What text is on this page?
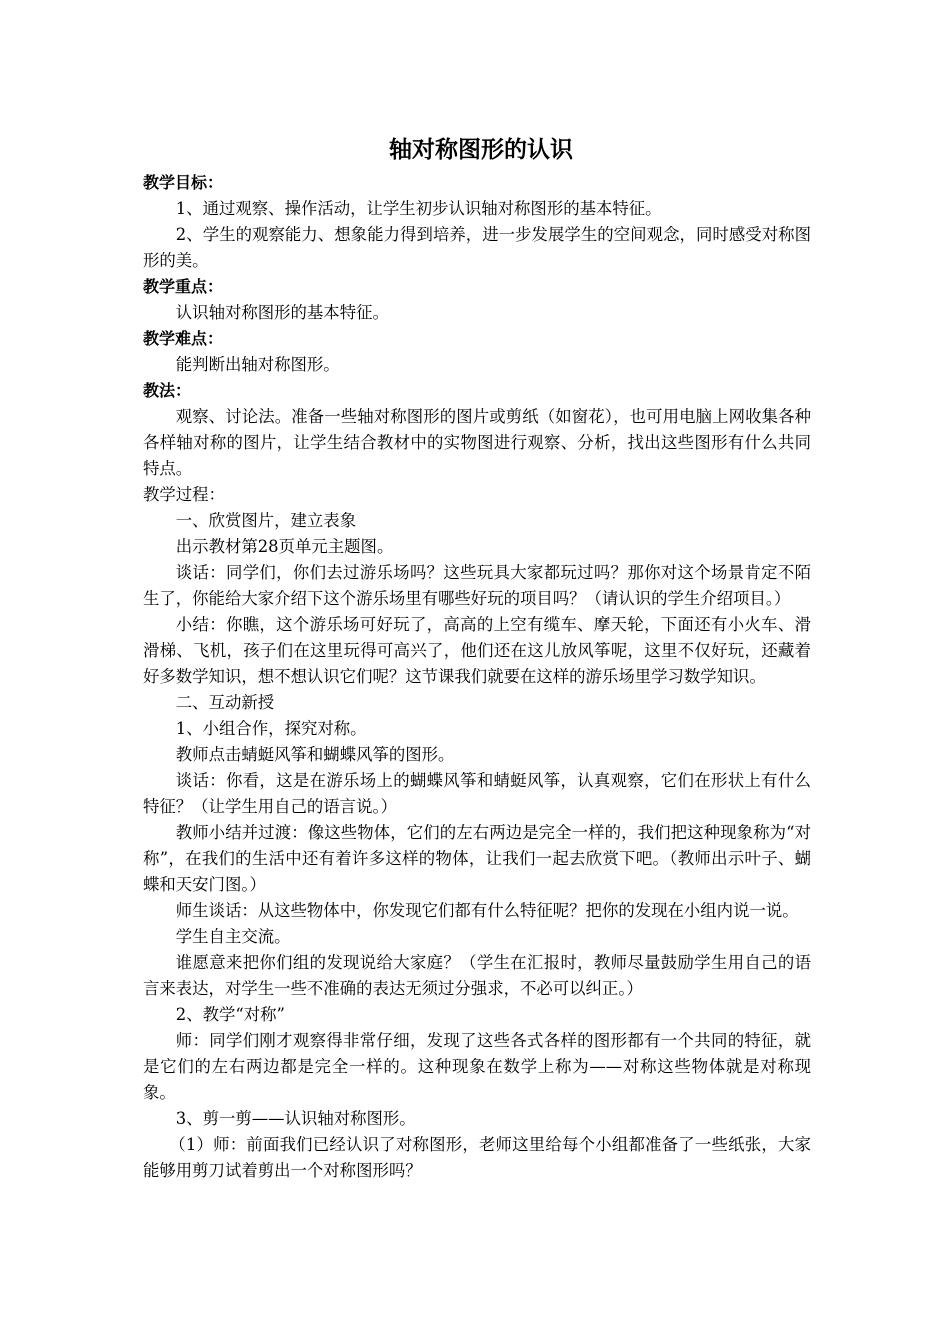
轴对称图形的认识

教学目标：

1、通过观察、操作活动，让学生初步认识轴对称图形的基本特征。

2、学生的观察能力、想象能力得到培养，进一步发展学生的空间观念，同时感受对称图形的美。

教学重点：

认识轴对称图形的基本特征。

教学难点：

能判断出轴对称图形。

教法：

观察、讨论法。准备一些轴对称图形的图片或剪纸（如窗花），也可用电脑上网收集各种各样轴对称的图片，让学生结合教材中的实物图进行观察、分析，找出这些图形有什么共同特点。

教学过程：

一、欣赏图片，建立表象

出示教材第28页单元主题图。

谈话：同学们，你们去过游乐场吗？这些玩具大家都玩过吗？那你对这个场景肯定不陌生了，你能给大家介绍下这个游乐场里有哪些好玩的项目吗？（请认识的学生介绍项目。）

小结：你瞧，这个游乐场可好玩了，高高的上空有缆车、摩天轮，下面还有小火车、滑滑梯、飞机，孩子们在这里玩得可高兴了，他们还在这儿放风筝呢，这里不仅好玩，还藏着好多数学知识，想不想认识它们呢？这节课我们就要在这样的游乐场里学习数学知识。

二、互动新授

1、小组合作，探究对称。

教师点击蜻蜓风筝和蝴蝶风筝的图形。

谈话：你看，这是在游乐场上的蝴蝶风筝和蜻蜓风筝，认真观察，它们在形状上有什么特征？（让学生用自己的语言说。）

教师小结并过渡：像这些物体，它们的左右两边是完全一样的，我们把这种现象称为“对称”，在我们的生活中还有着许多这样的物体，让我们一起去欣赏下吧。（教师出示叶子、蝴蝶和天安门图。）

师生谈话：从这些物体中，你发现它们都有什么特征呢？把你的发现在小组内说一说。

学生自主交流。

谁愿意来把你们组的发现说给大家庭？（学生在汇报时，教师尽量鼓励学生用自己的语言来表达，对学生一些不准确的表达无须过分强求，不必可以纠正。）

2、教学“对称”

师：同学们刚才观察得非常仔细，发现了这些各式各样的图形都有一个共同的特征，就是它们的左右两边都是完全一样的。这种现象在数学上称为——对称这些物体就是对称现象。

3、剪一剪——认识轴对称图形。

（1）师：前面我们已经认识了对称图形，老师这里给每个小组都准备了一些纸张，大家能够用剪刀试着剪出一个对称图形吗？
